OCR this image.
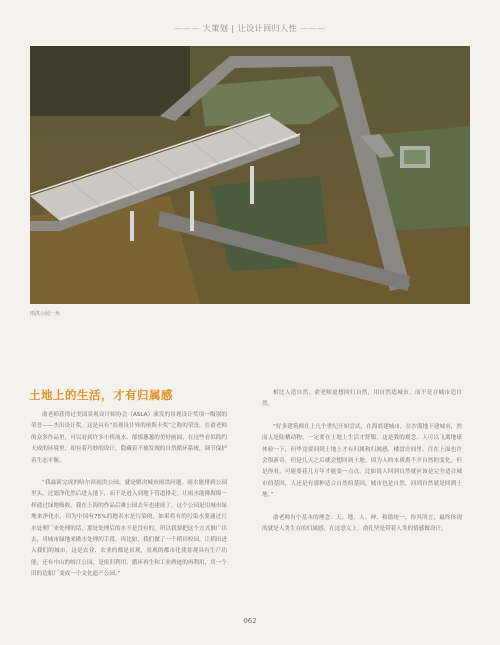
——— 大策划 | 让设计回归人性 ———
雨洪公园一角
土地上的生活，才有归属感

俞老师获得过美国景观设计师协会（ASLA）颁发的景观设计奖项一级别的荣誉——杰出设计奖。这是具有“景观设计界的奥斯卡奖”之称的荣誉，在俞老师的众多作品里，可以看到许多小桥流水、郁郁葱葱的美好画面，在这些看似简约天成的环境里，却有着巧妙的设计，隐藏着不被发现的自然循环系统，调节保护着生态平衡。

“我最新完成的哈尔滨雨洪公园，就是解决城市雨洪问题。雨水能排到公园里头，过滤净化然后进入地下，而不是进入到地下管道排走。让雨水能像海绵一样通过绿地吸收，我在上海的作品后滩公园去年也建成了，这个公园是用城市绿地来净化水，因为中国有75%的地表水是污染的，如果将有的污染水要通过污水处理厂来处理的话，那处处理后的水不是没有的，所以我要把这个方式推广出去，用城市绿地来做水处理的手段。再比如，我们做了一个稻田校园，让稻田进入我们的城市，这是农业、农业的都是景观，景观的都市化使景观具有生产功能，还有中山的岐江公园，是废旧利用，循环再生和工业碑迹的再利用，用一个旧的造船厂变成一个文化遗产公园。”

相比人造自然，俞老师更想回归自然，用自然造城市，而不是在城市造自然。

“好多建筑师在上几个世纪开始尝试，在海底建城市，在沙漠地下建城市，然而人是陆栖动物，一定要在土地上生活才舒服，这是我的观念。人可以飞离地球体验一下，但毕竟要回到土地上才有归属和归属感，楼盘房间里，住在上面也许会很新奇，但是几天之后就会想回到土地。因为人的本质离不开自然的变化，但是你看，可能要花几万年才能变一点点，比如说人回到自然就应该是完全适合城市的基因，人还是有那种适合自然的基因，城市也是自然，回到自然就是回到土地。”

俞老师有个基本的理念：天、地、人、神、和谐统一，你其所言，最终体现的就是人类生存的归属感，在这意义上，俞孔坚是带着人类的情感做设计。

062
